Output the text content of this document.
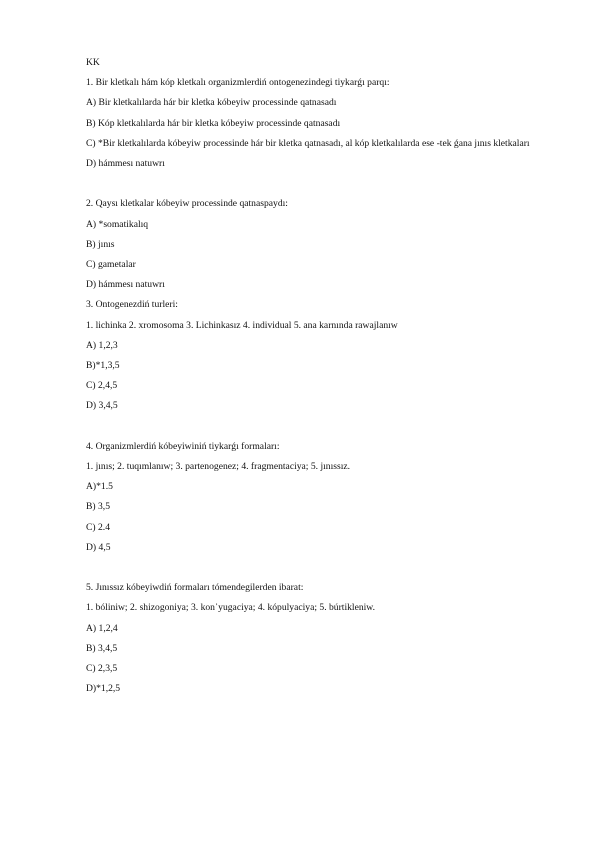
KK
1. Bir kletkalı hám kóp kletkalı organizmlerdiń ontogenezindegi tiykarǵı parqı:
A) Bir kletkalılarda hár bir kletka kóbeyiw processinde qatnasadı
B) Kóp kletkalılarda hár bir kletka kóbeyiw processinde qatnasadı
C) *Bir kletkalılarda kóbeyiw processinde hár bir kletka qatnasadı, al kóp kletkalılarda ese -tek ǵana jınıs kletkaları
D) hámmesı natuwrı
2. Qaysı kletkalar kóbeyiw processinde qatnaspaydı:
A) *somatikalıq
B) jınıs
C) gametalar
D) hámmesı natuwrı
3. Ontogenezdiń turleri:
1. lichinka 2. xromosoma 3. Lichinkasız 4. individual 5. ana karnında rawajlanıw
A) 1,2,3
B)*1,3,5
C) 2,4,5
D) 3,4,5
4. Organizmlerdiń kóbeyiwiniń tiykarǵı formaları:
1. jınıs; 2. tuqımlanıw; 3. partenogenez; 4. fragmentaciya; 5. jınıssız.
A)*1.5
B) 3,5
C) 2.4
D) 4,5
5. Jınıssız kóbeyiwdiń formaları tómendegilerden ibarat:
1. bóliniw; 2. shizogoniya; 3. kon᾽yugaciya; 4. kópulyaciya; 5. búrtikleniw.
A) 1,2,4
B) 3,4,5
C) 2,3,5
D)*1,2,5
